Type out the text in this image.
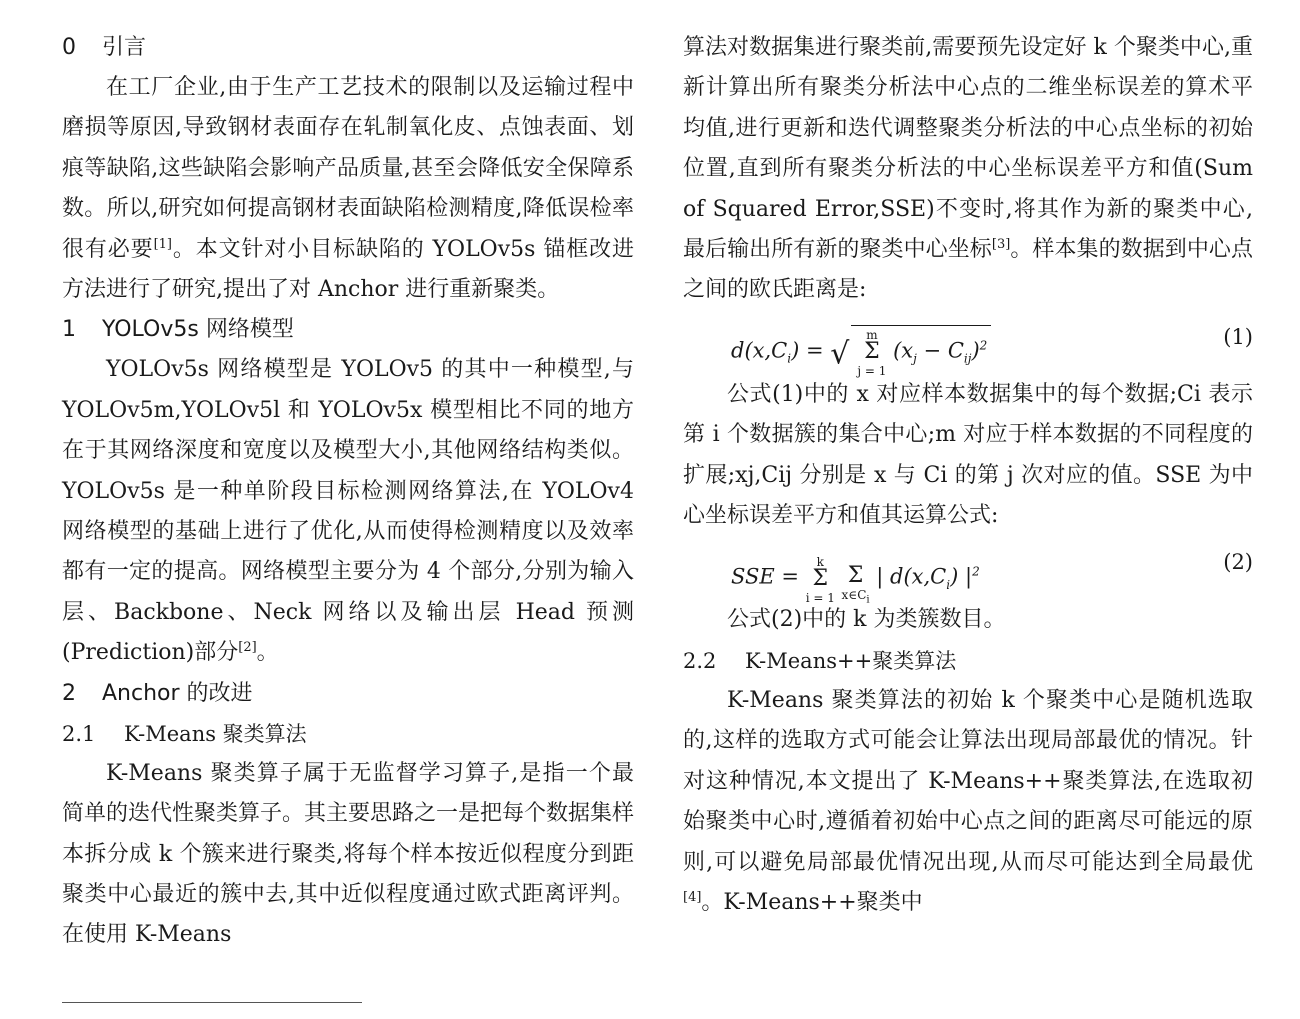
0 引言

在工厂企业,由于生产工艺技术的限制以及运输过程中磨损等原因,导致钢材表面存在轧制氧化皮、点蚀表面、划痕等缺陷,这些缺陷会影响产品质量,甚至会降低安全保障系数。所以,研究如何提高钢材表面缺陷检测精度,降低误检率很有必要[1]。本文针对小目标缺陷的 YOLOv5s 锚框改进方法进行了研究,提出了对 Anchor 进行重新聚类。

1 YOLOv5s 网络模型

YOLOv5s 网络模型是 YOLOv5 的其中一种模型,与 YOLOv5m,YOLOv5l 和 YOLOv5x 模型相比不同的地方在于其网络深度和宽度以及模型大小,其他网络结构类似。YOLOv5s 是一种单阶段目标检测网络算法,在 YOLOv4 网络模型的基础上进行了优化,从而使得检测精度以及效率都有一定的提高。网络模型主要分为 4 个部分,分别为输入层、Backbone、Neck 网络以及输出层 Head 预测(Prediction)部分[2]。

2 Anchor 的改进
2.1 K-Means 聚类算法

K-Means 聚类算子属于无监督学习算子,是指一个最简单的迭代性聚类算子。其主要思路之一是把每个数据集样本拆分成 k 个簇来进行聚类,将每个样本按近似程度分到距聚类中心最近的簇中去,其中近似程度通过欧式距离评判。在使用 K-Means

算法对数据集进行聚类前,需要预先设定好 k 个聚类中心,重新计算出所有聚类分析法中心点的二维坐标误差的算术平均值,进行更新和迭代调整聚类分析法的中心点坐标的初始位置,直到所有聚类分析法的中心坐标误差平方和值(Sum of Squared Error,SSE)不变时,将其作为新的聚类中心,最后输出所有新的聚类中心坐标[3]。样本集的数据到中心点之间的欧氏距离是:

$d(x,C_i) = √m$
Σ
j = 1 $(x_j - C_{ij})^2$	(1)

公式(1)中的 x 对应样本数据集中的每个数据;Ci 表示第 i 个数据簇的集合中心;m 对应于样本数据的不同程度的扩展;xj,Cij 分别是 x 与 Ci 的第 j 次对应的值。SSE 为中心坐标误差平方和值其运算公式:

SSE = k
Σ
i = 1
Σ
$x\in C_i$ | $d(x,C_i)$ $|^2$	(2)

公式(2)中的 k 为类簇数目。

2.2 K-Means++聚类算法

K-Means 聚类算法的初始 k 个聚类中心是随机选取的,这样的选取方式可能会让算法出现局部最优的情况。针对这种情况,本文提出了 K-Means++聚类算法,在选取初始聚类中心时,遵循着初始中心点之间的距离尽可能远的原则,可以避免局部最优情况出现,从而尽可能达到全局最优[4]。K-Means++聚类中
